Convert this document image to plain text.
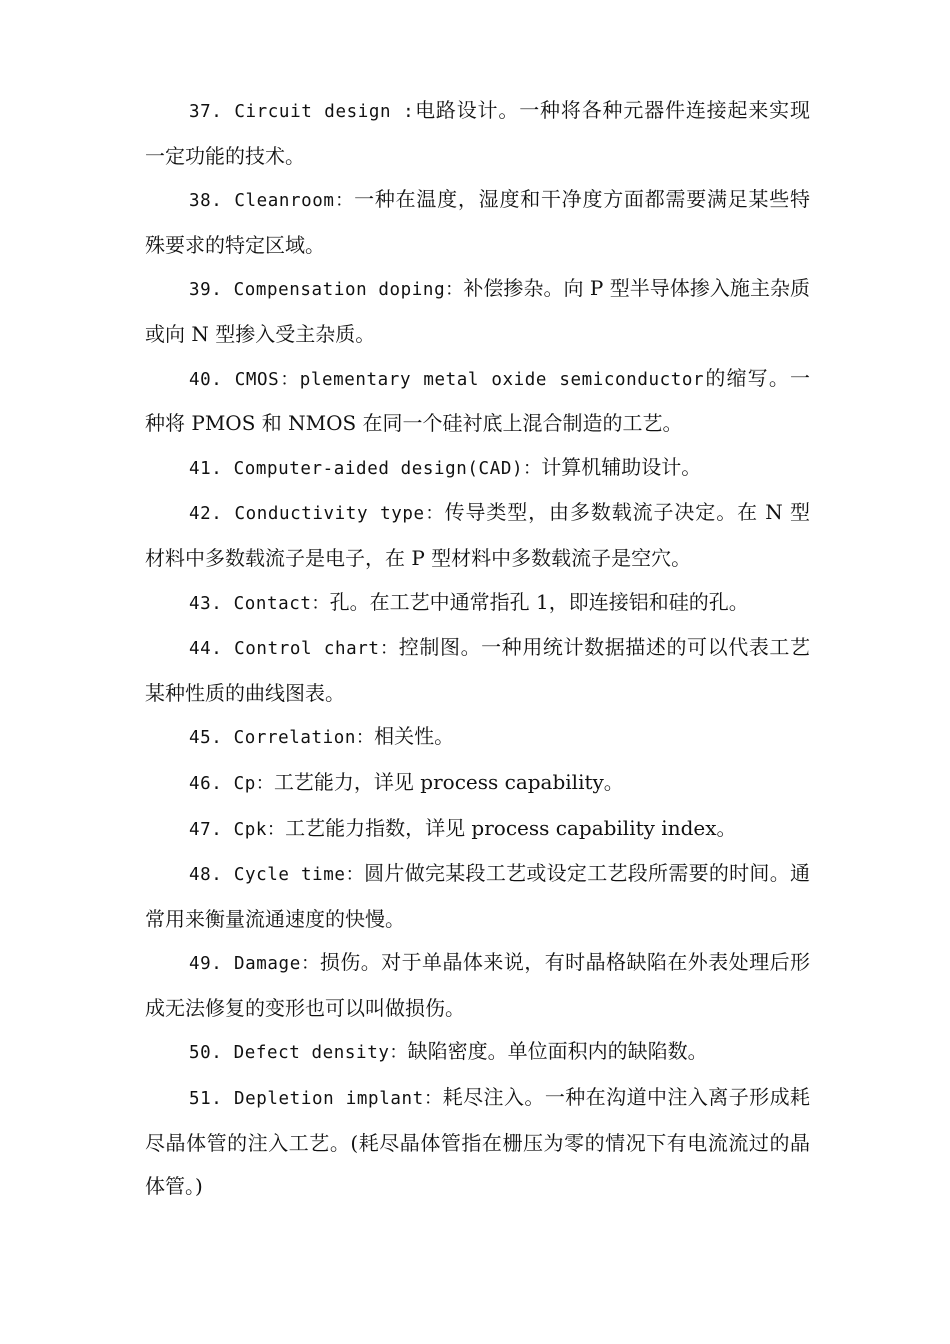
37. Circuit design :电路设计。一种将各种元器件连接起来实现一定功能的技术。

38. Cleanroom：一种在温度，湿度和干净度方面都需要满足某些特殊要求的特定区域。

39. Compensation doping：补偿掺杂。向 P 型半导体掺入施主杂质或向 N 型掺入受主杂质。

40. CMOS：plementary metal oxide semiconductor的缩写。一种将 PMOS 和 NMOS 在同一个硅衬底上混合制造的工艺。

41. Computer-aided design(CAD)：计算机辅助设计。

42. Conductivity type：传导类型，由多数载流子决定。在 N 型材料中多数载流子是电子，在 P 型材料中多数载流子是空穴。

43. Contact：孔。在工艺中通常指孔 1，即连接铝和硅的孔。

44. Control chart：控制图。一种用统计数据描述的可以代表工艺某种性质的曲线图表。

45. Correlation：相关性。

46. Cp：工艺能力，详见 process capability。

47. Cpk：工艺能力指数，详见 process capability index。

48. Cycle time：圆片做完某段工艺或设定工艺段所需要的时间。通常用来衡量流通速度的快慢。

49. Damage：损伤。对于单晶体来说，有时晶格缺陷在外表处理后形成无法修复的变形也可以叫做损伤。

50. Defect density：缺陷密度。单位面积内的缺陷数。

51. Depletion implant：耗尽注入。一种在沟道中注入离子形成耗尽晶体管的注入工艺。(耗尽晶体管指在栅压为零的情况下有电流流过的晶体管。)
